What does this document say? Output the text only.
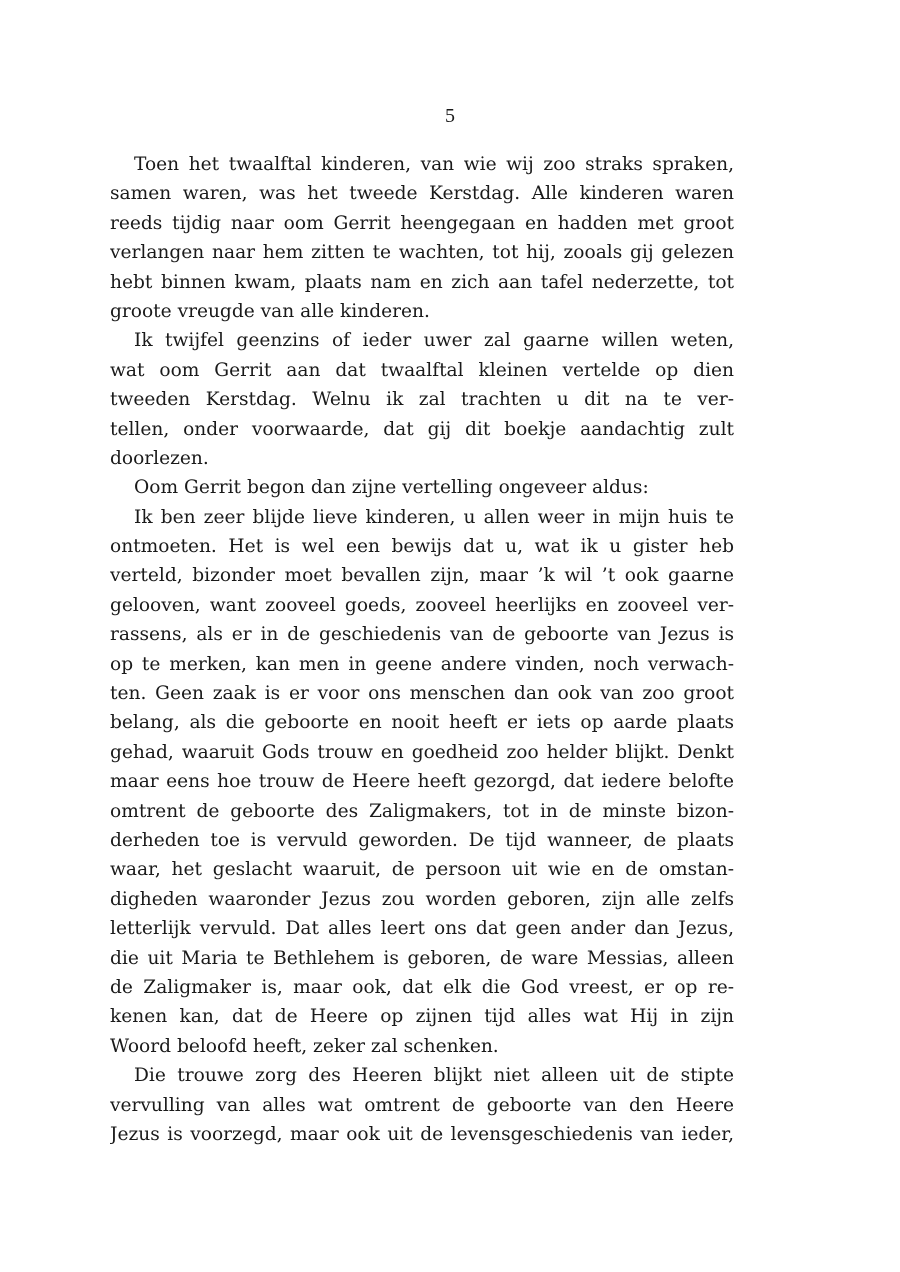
5
Toen het twaalftal kinderen, van wie wij zoo straks spraken,
samen waren, was het tweede Kerstdag. Alle kinderen waren
reeds tijdig naar oom Gerrit heengegaan en hadden met groot
verlangen naar hem zitten te wachten, tot hij, zooals gij gelezen
hebt binnen kwam, plaats nam en zich aan tafel nederzette, tot
groote vreugde van alle kinderen.
Ik twijfel geenzins of ieder uwer zal gaarne willen weten,
wat oom Gerrit aan dat twaalftal kleinen vertelde op dien
tweeden Kerstdag. Welnu ik zal trachten u dit na te ver-
tellen, onder voorwaarde, dat gij dit boekje aandachtig zult
doorlezen.
Oom Gerrit begon dan zijne vertelling ongeveer aldus:
Ik ben zeer blijde lieve kinderen, u allen weer in mijn huis te
ontmoeten. Het is wel een bewijs dat u, wat ik u gister heb
verteld, bizonder moet bevallen zijn, maar ’k wil ’t ook gaarne
gelooven, want zooveel goeds, zooveel heerlijks en zooveel ver-
rassens, als er in de geschiedenis van de geboorte van Jezus is
op te merken, kan men in geene andere vinden, noch verwach-
ten. Geen zaak is er voor ons menschen dan ook van zoo groot
belang, als die geboorte en nooit heeft er iets op aarde plaats
gehad, waaruit Gods trouw en goedheid zoo helder blijkt. Denkt
maar eens hoe trouw de Heere heeft gezorgd, dat iedere belofte
omtrent de geboorte des Zaligmakers, tot in de minste bizon-
derheden toe is vervuld geworden. De tijd wanneer, de plaats
waar, het geslacht waaruit, de persoon uit wie en de omstan-
digheden waaronder Jezus zou worden geboren, zijn alle zelfs
letterlijk vervuld. Dat alles leert ons dat geen ander dan Jezus,
die uit Maria te Bethlehem is geboren, de ware Messias, alleen
de Zaligmaker is, maar ook, dat elk die God vreest, er op re-
kenen kan, dat de Heere op zijnen tijd alles wat Hij in zijn
Woord beloofd heeft, zeker zal schenken.
Die trouwe zorg des Heeren blijkt niet alleen uit de stipte
vervulling van alles wat omtrent de geboorte van den Heere
Jezus is voorzegd, maar ook uit de levensgeschiedenis van ieder,
